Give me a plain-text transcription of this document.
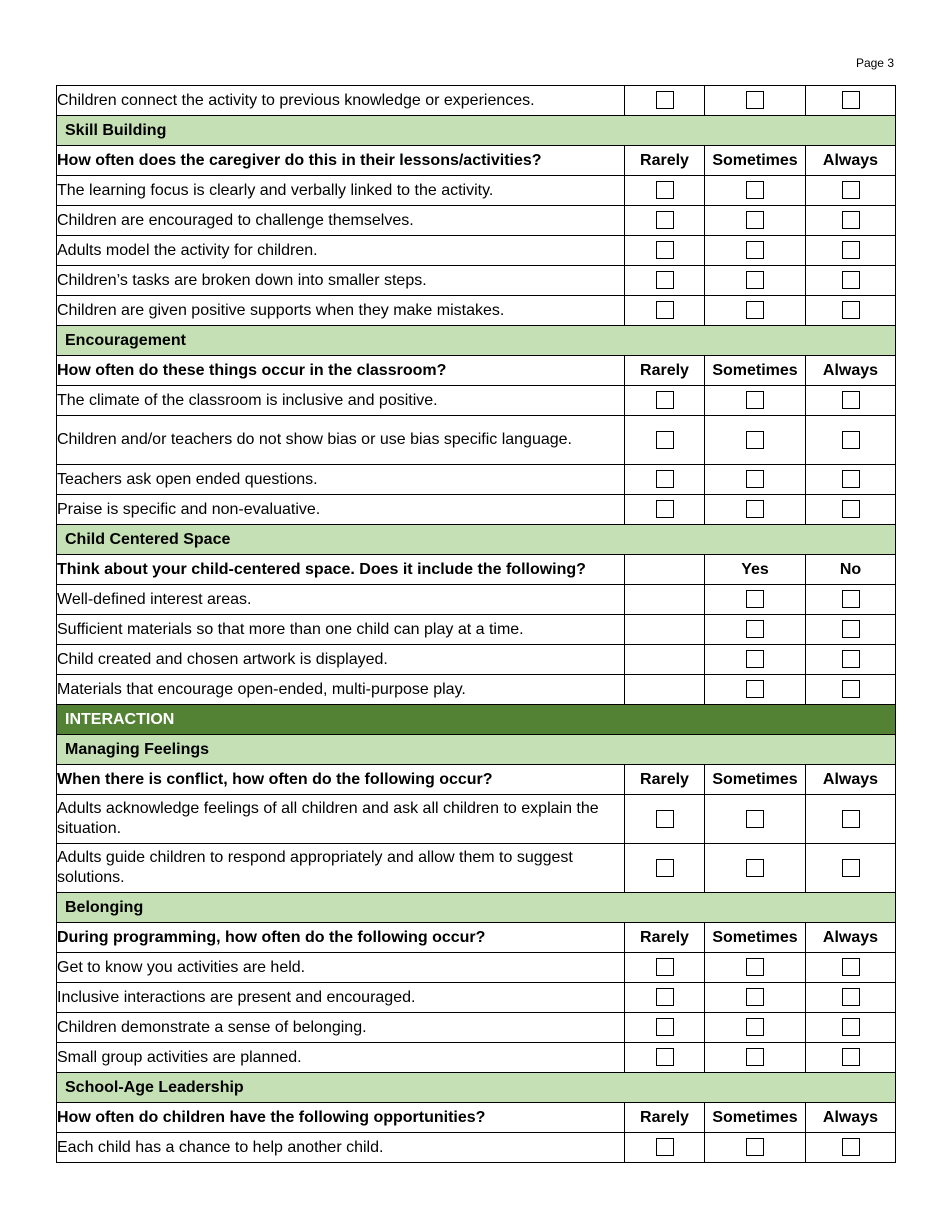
Page 3
Children connect the activity to previous knowledge or experiences.			
Skill Building			
How often does the caregiver do this in their lessons/activities?	Rarely	Sometimes	Always
The learning focus is clearly and verbally linked to the activity.			
Children are encouraged to challenge themselves.			
Adults model the activity for children.			
Children’s tasks are broken down into smaller steps.			
Children are given positive supports when they make mistakes.			
Encouragement			
How often do these things occur in the classroom?	Rarely	Sometimes	Always
The climate of the classroom is inclusive and positive.			
Children and/or teachers do not show bias or use bias specific language.			
Teachers ask open ended questions.			
Praise is specific and non-evaluative.			
Child Centered Space			
Think about your child-centered space. Does it include the following?		Yes	No
Well-defined interest areas.			
Sufficient materials so that more than one child can play at a time.			
Child created and chosen artwork is displayed.			
Materials that encourage open-ended, multi-purpose play.			
INTERACTION			
Managing Feelings			
When there is conflict, how often do the following occur?	Rarely	Sometimes	Always
Adults acknowledge feelings of all children and ask all children to explain the situation.			
Adults guide children to respond appropriately and allow them to suggest solutions.			
Belonging			
During programming, how often do the following occur?	Rarely	Sometimes	Always
Get to know you activities are held.			
Inclusive interactions are present and encouraged.			
Children demonstrate a sense of belonging.			
Small group activities are planned.			
School-Age Leadership			
How often do children have the following opportunities?	Rarely	Sometimes	Always
Each child has a chance to help another child.			
